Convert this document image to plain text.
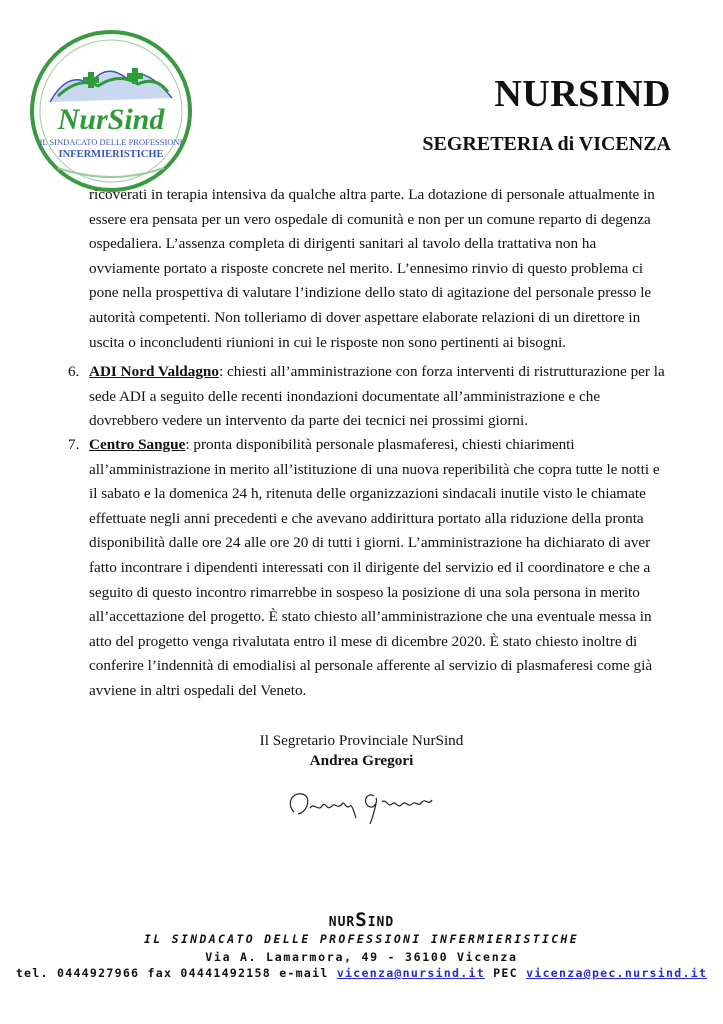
NurSind
IL SINDACATO DELLE PROFESSIONI
INFERMIERISTICHE
NURSIND
SEGRETERIA di VICENZA
ricoverati in terapia intensiva da qualche altra parte. La dotazione di personale attualmente in essere era pensata per un vero ospedale di comunità e non per un comune reparto di degenza ospedaliera. L’assenza completa di dirigenti sanitari al tavolo della trattativa non ha ovviamente portato a risposte concrete nel merito. L’ennesimo rinvio di questo problema ci pone nella prospettiva di valutare l’indizione dello stato di agitazione del personale presso le autorità competenti. Non tolleriamo di dover aspettare elaborate relazioni di un direttore in uscita o inconcludenti riunioni in cui le risposte non sono pertinenti ai bisogni.
6. ADI Nord Valdagno: chiesti all’amministrazione con forza interventi di ristrutturazione per la sede ADI a seguito delle recenti inondazioni documentate all’amministrazione e che dovrebbero vedere un intervento da parte dei tecnici nei prossimi giorni.
7. Centro Sangue: pronta disponibilità personale plasmaferesi, chiesti chiarimenti all’amministrazione in merito all’istituzione di una nuova reperibilità che copra tutte le notti e il sabato e la domenica 24 h, ritenuta delle organizzazioni sindacali inutile visto le chiamate effettuate negli anni precedenti e che avevano addirittura portato alla riduzione della pronta disponibilità dalle ore 24 alle ore 20 di tutti i giorni. L’amministrazione ha dichiarato di aver fatto incontrare i dipendenti interessati con il dirigente del servizio ed il coordinatore e che a seguito di questo incontro rimarrebbe in sospeso la posizione di una sola persona in merito all’accettazione del progetto. È stato chiesto all’amministrazione che una eventuale messa in atto del progetto venga rivalutata entro il mese di dicembre 2020. È stato chiesto inoltre di conferire l’indennità di emodialisi al personale afferente al servizio di plasmaferesi come già avviene in altri ospedali del Veneto.
Il Segretario Provinciale NurSind
Andrea Gregori
NURSIND
IL SINDACATO DELLE PROFESSIONI INFERMIERISTICHE
Via A. Lamarmora, 49 - 36100 Vicenza
tel. 0444927966 fax 04441492158 e-mail vicenza@nursind.it PEC vicenza@pec.nursind.it
